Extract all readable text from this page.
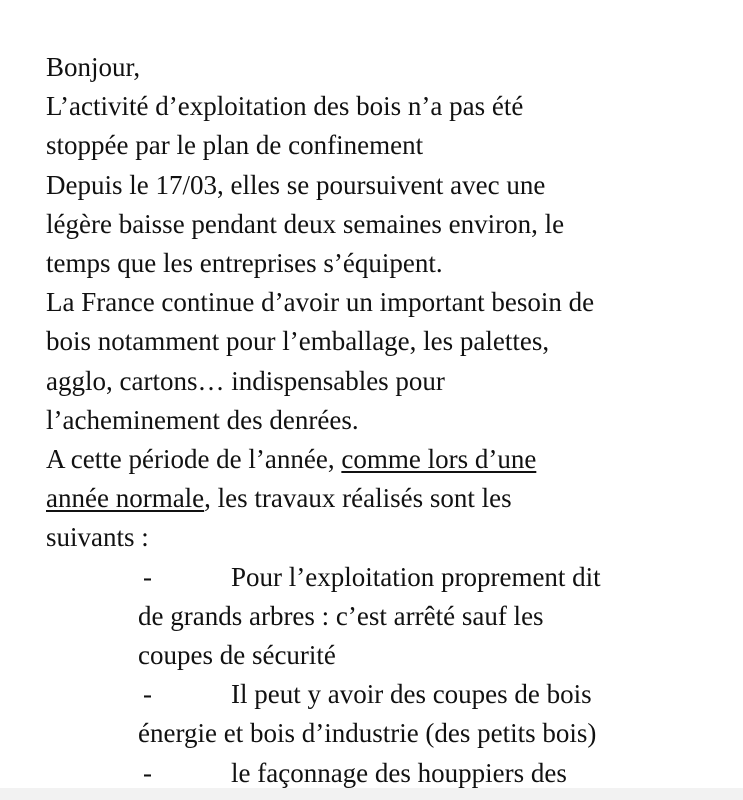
Bonjour,
L’activité d’exploitation des bois n’a pas été
stoppée par le plan de confinement
Depuis le 17/03, elles se poursuivent avec une
légère baisse pendant deux semaines environ, le
temps que les entreprises s’équipent.
La France continue d’avoir un important besoin de
bois notamment pour l’emballage, les palettes,
agglo, cartons… indispensables pour
l’acheminement des denrées.
A cette période de l’année, comme lors d’une
année normale, les travaux réalisés sont les
suivants :
-	Pour l’exploitation proprement dit
de grands arbres : c’est arrêté sauf les
coupes de sécurité
-	Il peut y avoir des coupes de bois
énergie et bois d’industrie (des petits bois)
-	le façonnage des houppiers des
